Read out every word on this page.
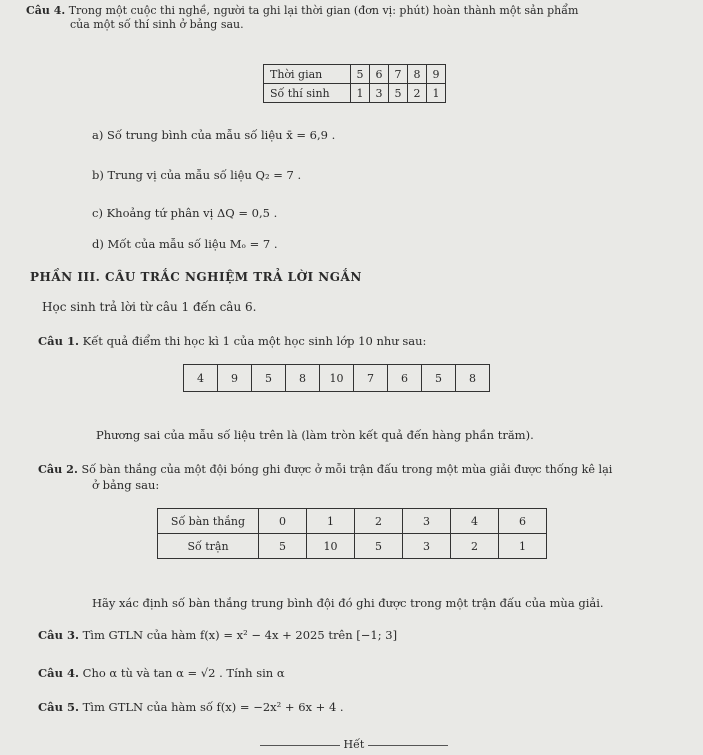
Câu 4. Trong một cuộc thi nghề, người ta ghi lại thời gian (đơn vị: phút) hoàn thành một sản phẩm
của một số thí sinh ở bảng sau.
Thời gian	5	6	7	8	9
Số thí sinh	1	3	5	2	1
a) Số trung bình của mẫu số liệu x̄ = 6,9 .
b) Trung vị của mẫu số liệu Q₂ = 7 .
c) Khoảng tứ phân vị ΔQ = 0,5 .
d) Mốt của mẫu số liệu Mₒ = 7 .
PHẦN III. CÂU TRẮC NGHIỆM TRẢ LỜI NGẮN
Học sinh trả lời từ câu 1 đến câu 6.
Câu 1. Kết quả điểm thi học kì 1 của một học sinh lớp 10 như sau:
4	9	5	8	10	7	6	5	8
Phương sai của mẫu số liệu trên là (làm tròn kết quả đến hàng phần trăm).
Câu 2. Số bàn thắng của một đội bóng ghi được ở mỗi trận đấu trong một mùa giải được thống kê lại
ở bảng sau:
Số bàn thắng	0	1	2	3	4	6
Số trận	5	10	5	3	2	1
Hãy xác định số bàn thắng trung bình đội đó ghi được trong một trận đấu của mùa giải.
Câu 3. Tìm GTLN của hàm f(x) = x² − 4x + 2025 trên [−1; 3]
Câu 4. Cho α tù và tan α = √2 . Tính sin α
Câu 5. Tìm GTLN của hàm số f(x) = −2x² + 6x + 4 .
Hết
